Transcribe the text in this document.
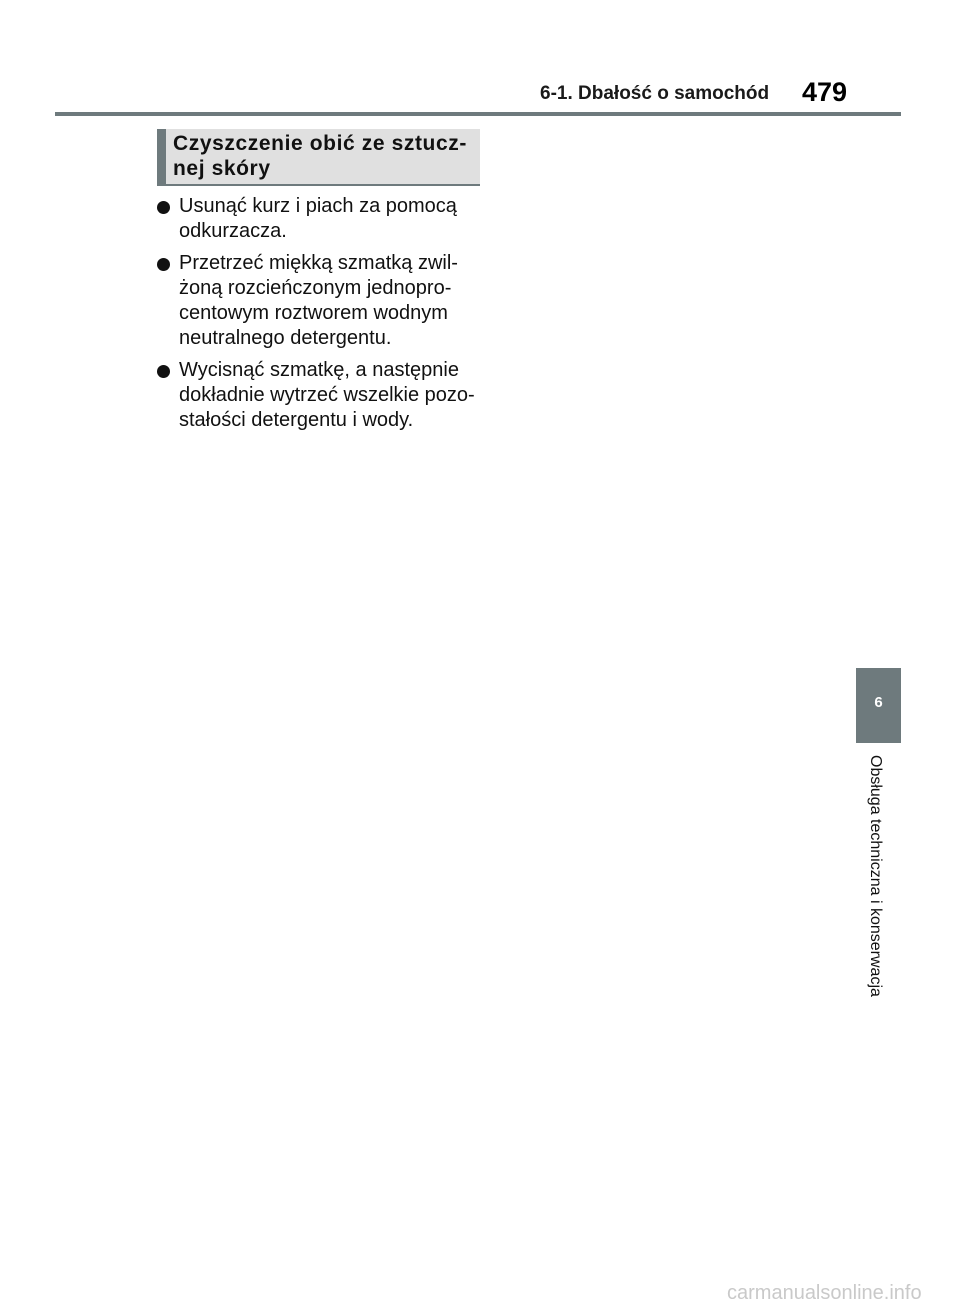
6-1. Dbałość o samochód 479
Czyszczenie obić ze sztucz-
nej skóry
Usunąć kurz i piach za pomocą
odkurzacza.
Przetrzeć miękką szmatką zwil-
żoną rozcieńczonym jednopro-
centowym roztworem wodnym
neutralnego detergentu.
Wycisnąć szmatkę, a następnie
dokładnie wytrzeć wszelkie pozo-
stałości detergentu i wody.
6
Obsługa techniczna i konserwacja
carmanualsonline.info
